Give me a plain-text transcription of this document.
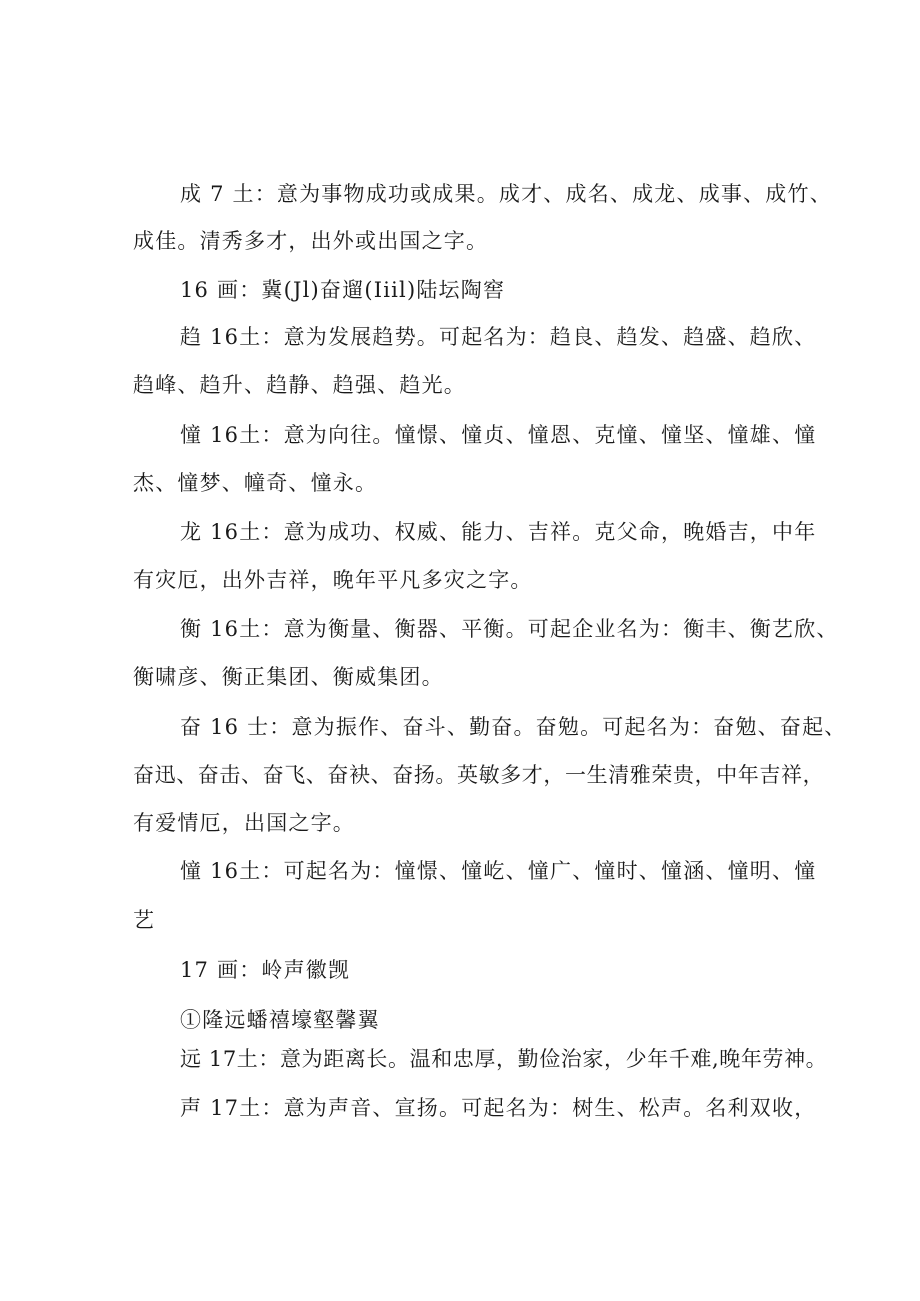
成 7 土：意为事物成功或成果。成才、成名、成龙、成事、成竹、
成佳。清秀多才，出外或出国之字。
16 画：冀(Jl)奋遛(Iiil)陆坛陶窖
趋 16土：意为发展趋势。可起名为：趋良、趋发、趋盛、趋欣、
趋峰、趋升、趋静、趋强、趋光。
憧 16土：意为向往。憧憬、憧贞、憧恩、克憧、憧坚、憧雄、憧
杰、憧梦、幢奇、憧永。
龙 16土：意为成功、权威、能力、吉祥。克父命，晚婚吉，中年
有灾厄，出外吉祥，晚年平凡多灾之字。
衡 16土：意为衡量、衡器、平衡。可起企业名为：衡丰、衡艺欣、
衡啸彦、衡正集团、衡威集团。
奋 16 士：意为振作、奋斗、勤奋。奋勉。可起名为：奋勉、奋起、
奋迅、奋击、奋飞、奋袂、奋扬。英敏多才，一生清雅荣贵，中年吉祥，
有爱情厄，出国之字。
憧 16土：可起名为：憧憬、憧屹、憧广、憧时、憧涵、憧明、憧
艺
17 画：岭声徽觊
①隆远蟠禧壕壑馨翼
远 17土：意为距离长。温和忠厚，勤俭治家，少年千难,晚年劳神。
声 17土：意为声音、宣扬。可起名为：树生、松声。名利双收，
